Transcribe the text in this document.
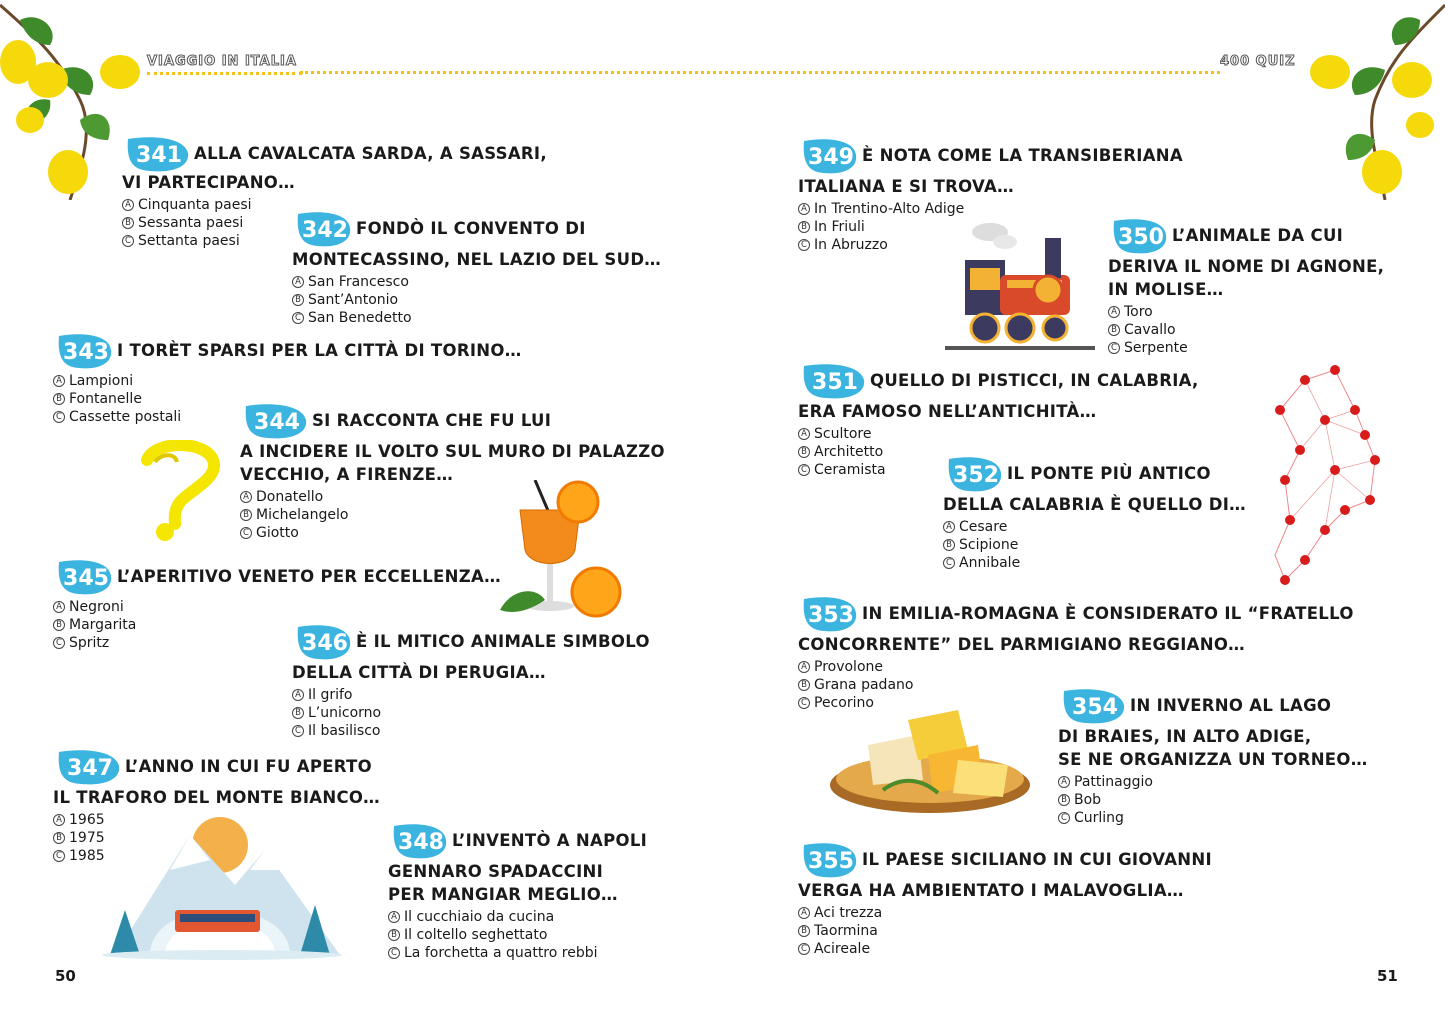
VIAGGIO IN ITALIA	400 QUIZ
341 ALLA CAVALCATA SARDA, A SASSARI,
VI PARTECIPANO…
A Cinquanta paesi
B Sessanta paesi
C Settanta paesi	342 FONDÒ IL CONVENTO DI
MONTECASSINO, NEL LAZIO DEL SUD…
A San Francesco
B Sant’Antonio
C San Benedetto
343 I TORÈT SPARSI PER LA CITTÀ DI TORINO…
A Lampioni
B Fontanelle
C Cassette postali	344 SI RACCONTA CHE FU LUI
A INCIDERE IL VOLTO SUL MURO DI PALAZZO
VECCHIO, A FIRENZE…
A Donatello
B Michelangelo
C Giotto
345 L’APERITIVO VENETO PER ECCELLENZA…
A Negroni
B Margarita
C Spritz	346 È IL MITICO ANIMALE SIMBOLO
DELLA CITTÀ DI PERUGIA…
A Il grifo
B L’unicorno
C Il basilisco
347 L’ANNO IN CUI FU APERTO
IL TRAFORO DEL MONTE BIANCO…
A 1965
B 1975
C 1985
348 L’INVENTÒ A NAPOLI
GENNARO SPADACCINI
PER MANGIAR MEGLIO…
A Il cucchiaio da cucina
B Il coltello seghettato
C La forchetta a quattro rebbi
349 È NOTA COME LA TRANSIBERIANA
ITALIANA E SI TROVA…
A In Trentino-Alto Adige
B In Friuli
C In Abruzzo	350 L’ANIMALE DA CUI
DERIVA IL NOME DI AGNONE,
IN MOLISE…
A Toro
B Cavallo
C Serpente
351 QUELLO DI PISTICCI, IN CALABRIA,
ERA FAMOSO NELL’ANTICHITÀ…
A Scultore
B Architetto
C Ceramista	352 IL PONTE PIÙ ANTICO
DELLA CALABRIA È QUELLO DI…
A Cesare
B Scipione
C Annibale
353 IN EMILIA-ROMAGNA È CONSIDERATO IL “FRATELLO
CONCORRENTE” DEL PARMIGIANO REGGIANO…
A Provolone
B Grana padano
C Pecorino	354 IN INVERNO AL LAGO
DI BRAIES, IN ALTO ADIGE,
SE NE ORGANIZZA UN TORNEO…
A Pattinaggio
B Bob
C Curling
355 IL PAESE SICILIANO IN CUI GIOVANNI
VERGA HA AMBIENTATO I MALAVOGLIA…
A Aci trezza
B Taormina
C Acireale
50	51
